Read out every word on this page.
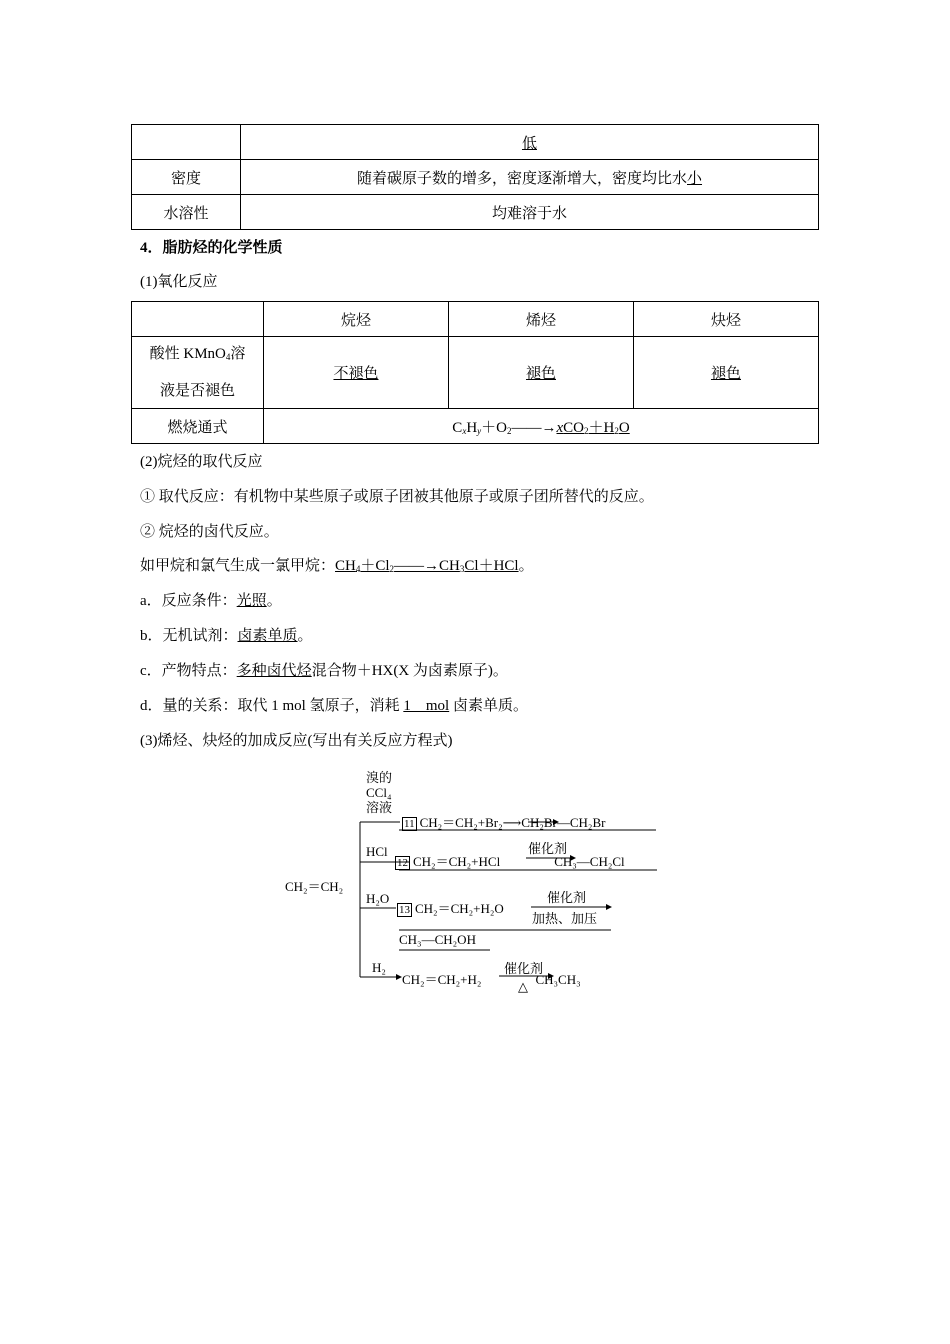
	低
密度	随着碳原子数的增多，密度逐渐增大，密度均比水小
水溶性	均难溶于水
4．脂肪烃的化学性质
(1)氧化反应
	烷烃	烯烃	炔烃
酸性 KMnO$_4$溶
液是否褪色	不褪色	褪色	褪色
燃烧通式	$C_xH_y+O_2——\to xCO_2+H_2O$		
(2)烷烃的取代反应
① 取代反应：有机物中某些原子或原子团被其他原子或原子团所替代的反应。
② 烷烃的卤代反应。
如甲烷和氯气生成一氯甲烷：$CH_4+Cl_2——\to CH_3Cl+HCl$。
a．反应条件：光照。
b．无机试剂：卤素单质。
c．产物特点：多种卤代烃混合物＋HX(X 为卤素原子)。
d．量的关系：取代 1 mol 氢原子，消耗 1　mol 卤素单质。
(3)烯烃、炔烃的加成反应(写出有关反应方程式)
CH₂＝CH₂
溴的
CCl₄
溶液
11 CH₂＝CH₂+Br₂⟶CH₂Br—CH₂Br
HCl	催化剂
12 CH₂＝CH₂+HCl	CH₃—CH₂Cl
H₂O	催化剂
加热、加压
13 CH₂＝CH₂+H₂O
CH₃—CH₂OH
H₂	催化剂
△
CH₂＝CH₂+H₂	CH₃CH₃
